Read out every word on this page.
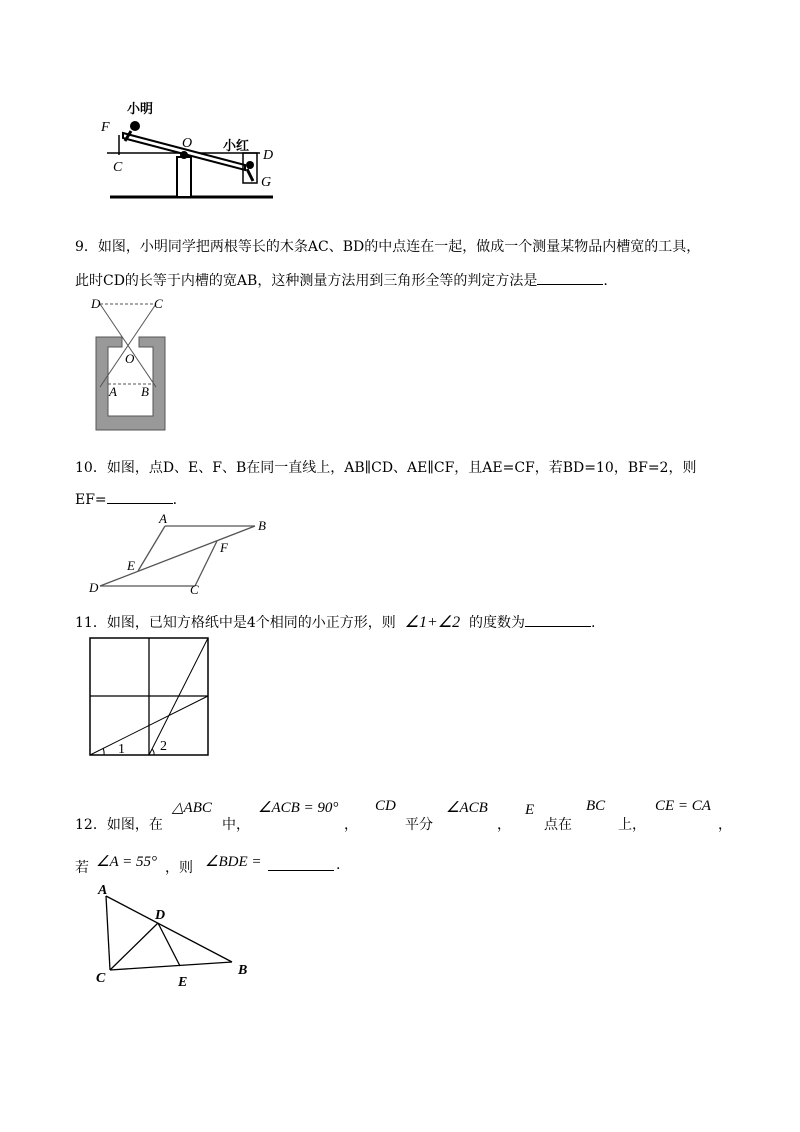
小明
小红
F
C
O
D
G
9．如图，小明同学把两根等长的木条AC、BD的中点连在一起，做成一个测量某物品内槽宽的工具，
此时CD的长等于内槽的宽AB，这种测量方法用到三角形全等的判定方法是	.
D	C
O
A B
10．如图，点D、E、F、B在同一直线上，AB∥CD、AE∥CF，且AE=CF，若BD=10，BF=2，则
EF=	.
A	B
E
F
D	C
11．如图，已知方格纸中是4个相同的小正方形，则 ∠1+∠2 的度数为	.
1	2
12．如图，在
△ABC
中，
∠ACB = 90°
，
CD
平分
∠ACB
，
E
点在
BC
上，
CE = CA
，
若 ∠A = 55° ，则 ∠BDE =	.
A
D
C	E
B
